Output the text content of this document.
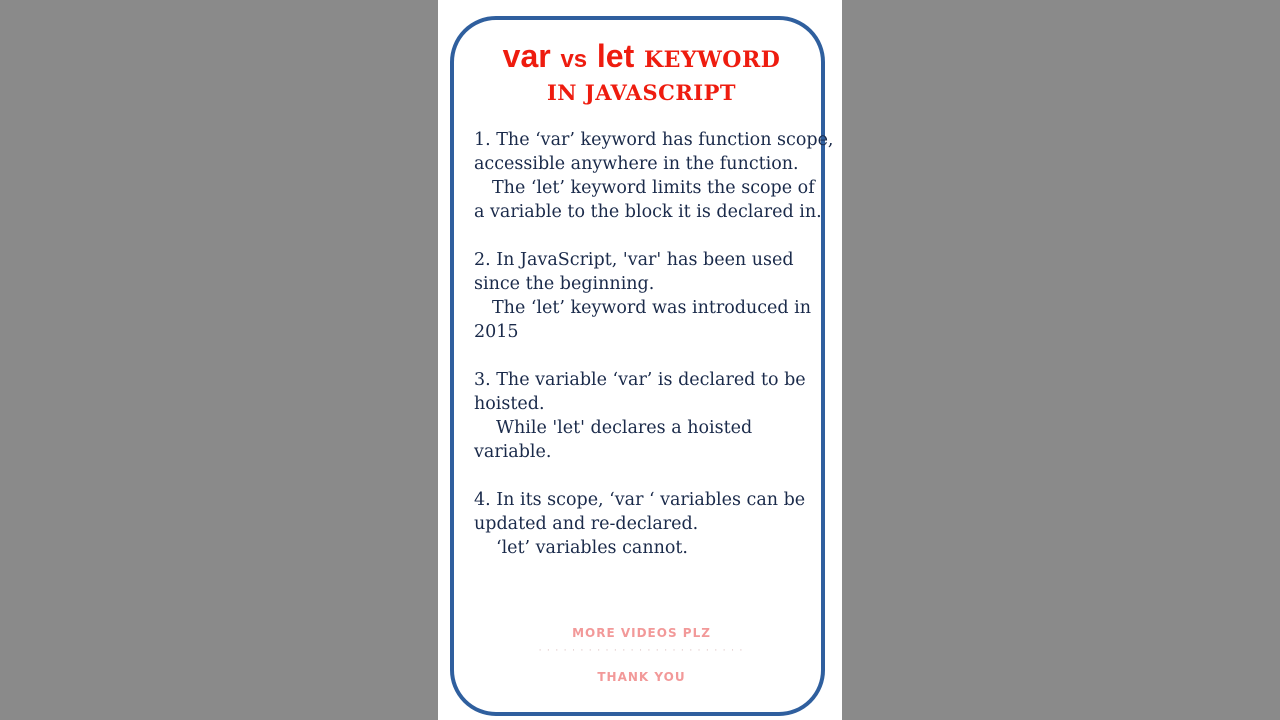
var vs let KEYWORD
IN JAVASCRIPT
1. The ‘var’ keyword has function scope,
accessible anywhere in the function.
The ‘let’ keyword limits the scope of
a variable to the block it is declared in.
2. In JavaScript, 'var' has been used
since the beginning.
The ‘let’ keyword was introduced in
2015
3. The variable ‘var’ is declared to be
hoisted.
While 'let' declares a hoisted
variable.
4. In its scope, ‘var ‘ variables can be
updated and re-declared.
‘let’ variables cannot.
MORE VIDEOS PLZ
· · · · · · · · · · · · · · · · · · · · · · · · ·
THANK YOU
